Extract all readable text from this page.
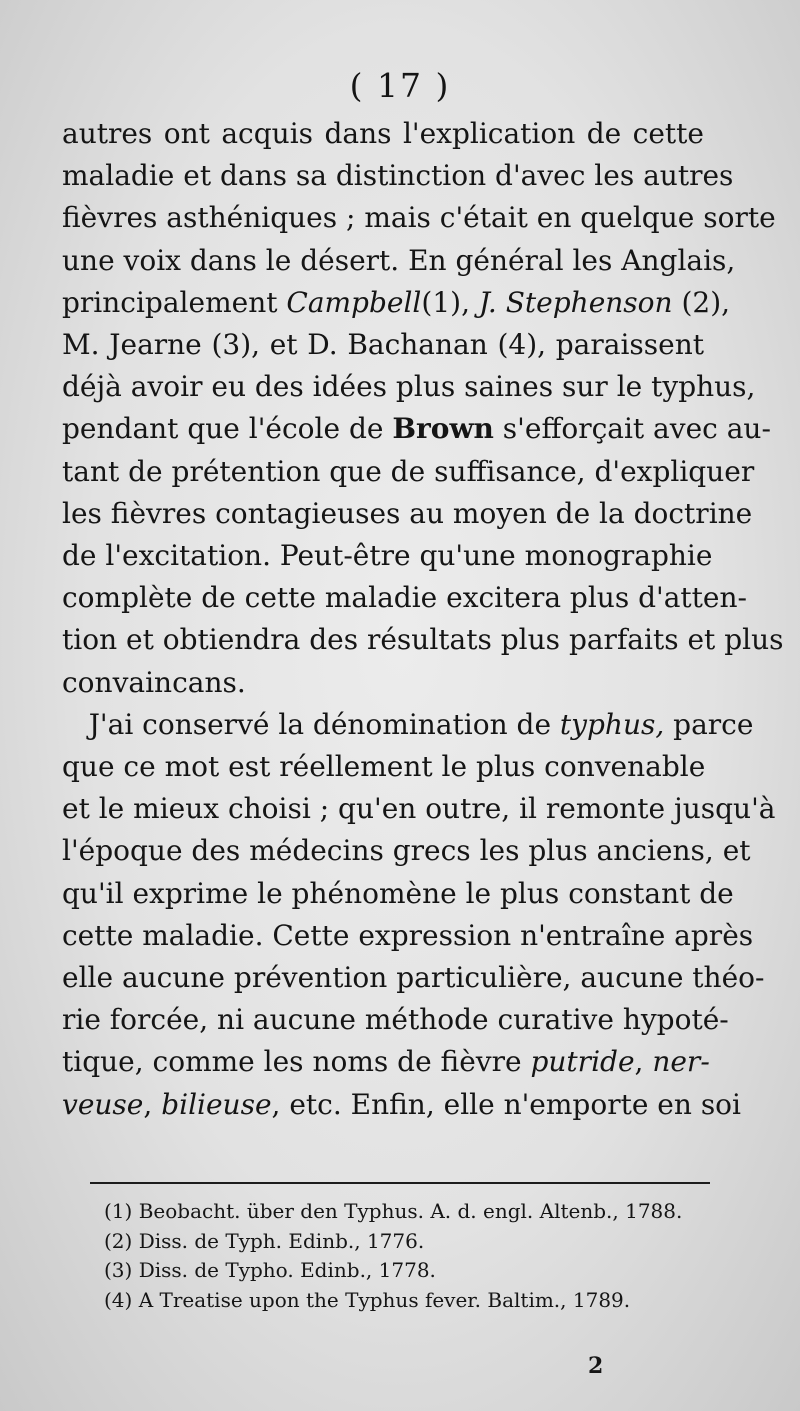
( 17 )
autres ont acquis dans l'explication de cette
maladie et dans sa distinction d'avec les autres
fièvres asthéniques ; mais c'était en quelque sorte
une voix dans le désert. En général les Anglais,
principalement Campbell(1), J. Stephenson (2),
M. Jearne (3), et D. Bachanan (4), paraissent
déjà avoir eu des idées plus saines sur le typhus,
pendant que l'école de Brown s'efforçait avec au-
tant de prétention que de suffisance, d'expliquer
les fièvres contagieuses au moyen de la doctrine
de l'excitation. Peut-être qu'une monographie
complète de cette maladie excitera plus d'atten-
tion et obtiendra des résultats plus parfaits et plus
convaincans.
J'ai conservé la dénomination de typhus, parce
que ce mot est réellement le plus convenable
et le mieux choisi ; qu'en outre, il remonte jusqu'à
l'époque des médecins grecs les plus anciens, et
qu'il exprime le phénomène le plus constant de
cette maladie. Cette expression n'entraîne après
elle aucune prévention particulière, aucune théo-
rie forcée, ni aucune méthode curative hypoté-
tique, comme les noms de fièvre putride, ner-
veuse, bilieuse, etc. Enfin, elle n'emporte en soi
(1) Beobacht. über den Typhus. A. d. engl. Altenb., 1788.
(2) Diss. de Typh. Edinb., 1776.
(3) Diss. de Typho. Edinb., 1778.
(4) A Treatise upon the Typhus fever. Baltim., 1789.
2
